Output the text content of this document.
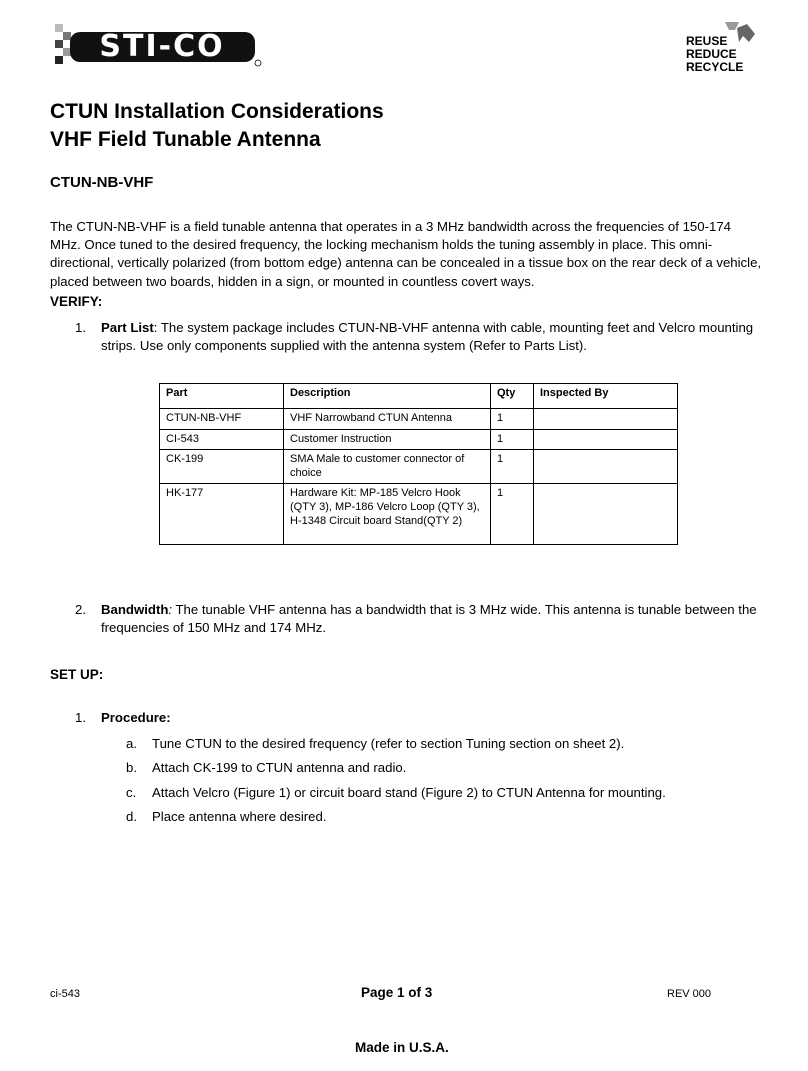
STI-CO	REUSE
REDUCE
RECYCLE
CTUN Installation Considerations
VHF Field Tunable Antenna
CTUN-NB-VHF

The CTUN-NB-VHF is a field tunable antenna that operates in a 3 MHz bandwidth across the frequencies of 150-174 MHz. Once tuned to the desired frequency, the locking mechanism holds the tuning assembly in place. This omni-directional, vertically polarized (from bottom edge) antenna can be concealed in a tissue box on the rear deck of a vehicle, placed between two boards, hidden in a sign, or mounted in countless covert ways.

VERIFY:
1. Part List: The system package includes CTUN-NB-VHF antenna with cable, mounting feet and Velcro mounting strips. Use only components supplied with the antenna system (Refer to Parts List).
Part	Description	Qty	Inspected By
CTUN-NB-VHF	VHF Narrowband CTUN Antenna	1	
CI-543	Customer Instruction	1	
CK-199	SMA Male to customer connector of choice	1	
HK-177	Hardware Kit: MP-185 Velcro Hook (QTY 3), MP-186 Velcro Loop (QTY 3), H-1348 Circuit board Stand(QTY 2)	1	
2. Bandwidth: The tunable VHF antenna has a bandwidth that is 3 MHz wide. This antenna is tunable between the frequencies of 150 MHz and 174 MHz.
SET UP:
1. Procedure:
a. Tune CTUN to the desired frequency (refer to section Tuning section on sheet 2).
b. Attach CK-199 to CTUN antenna and radio.
c. Attach Velcro (Figure 1) or circuit board stand (Figure 2) to CTUN Antenna for mounting.
d. Place antenna where desired.
ci-543	Page 1 of 3	REV 000
Made in U.S.A.
